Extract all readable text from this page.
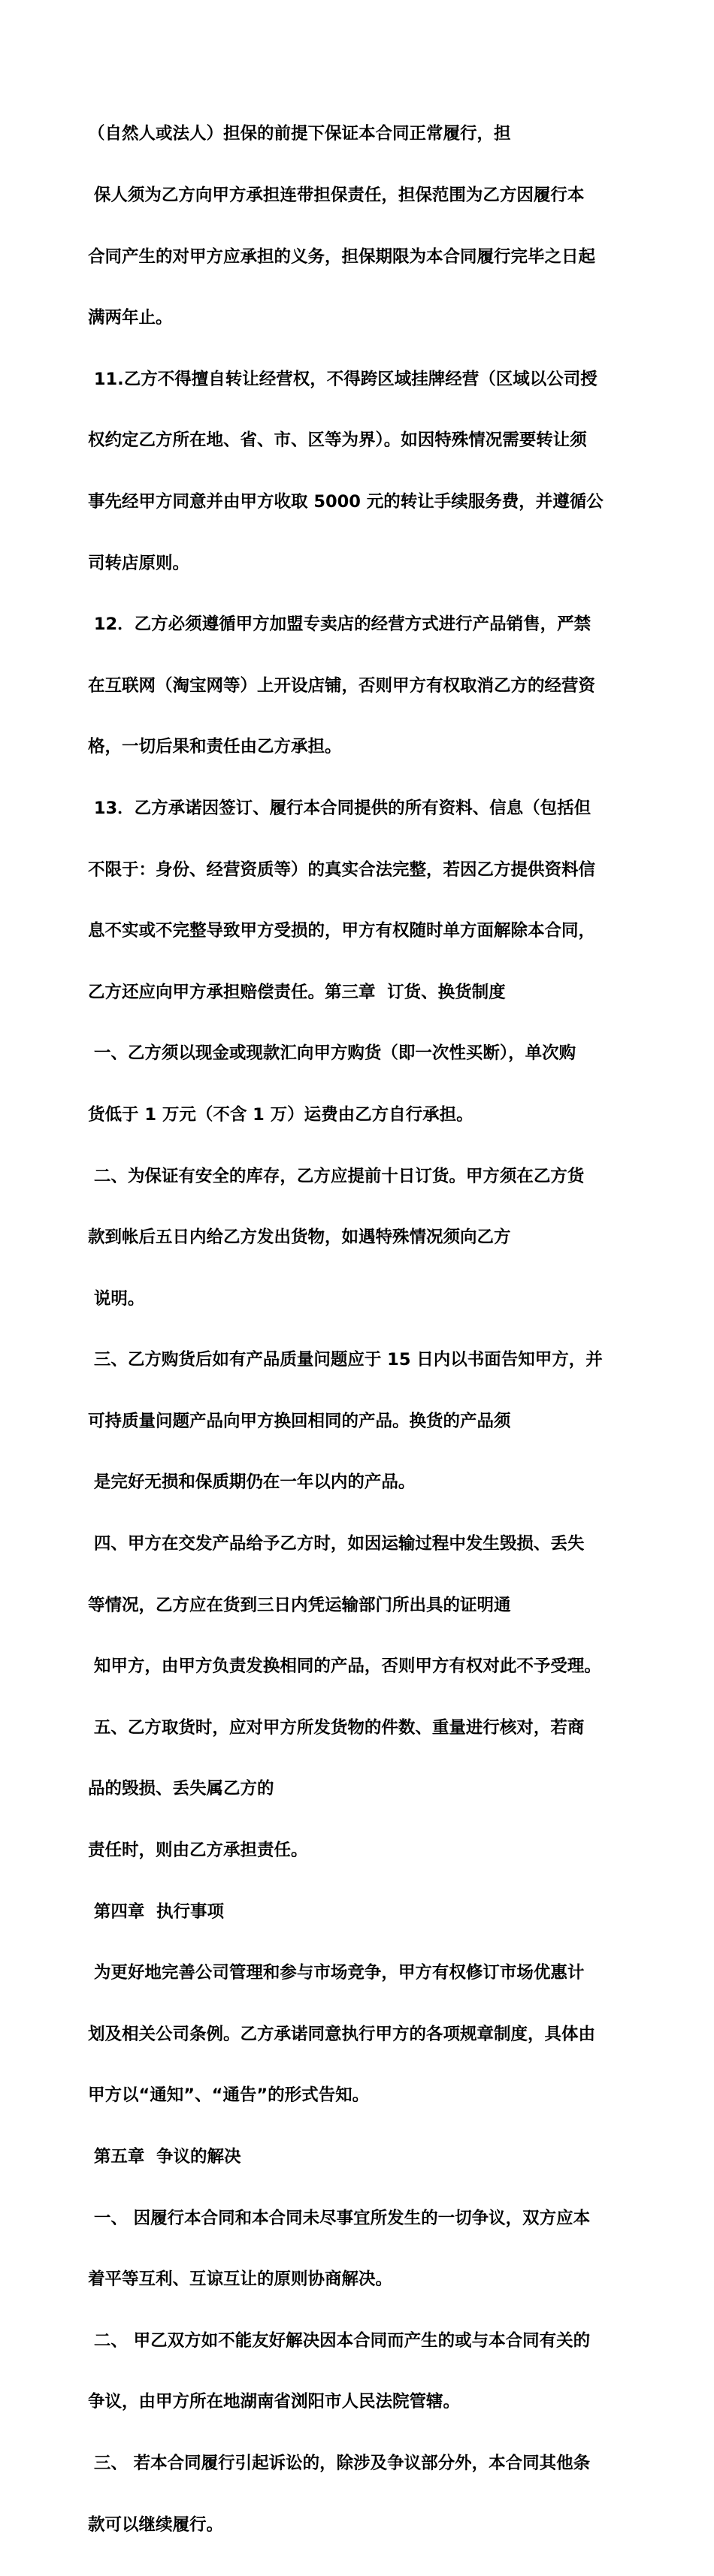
（自然人或法人）担保的前提下保证本合同正常履行，担

保人须为乙方向甲方承担连带担保责任，担保范围为乙方因履行本

合同产生的对甲方应承担的义务，担保期限为本合同履行完毕之日起

满两年止。

11.乙方不得擅自转让经营权，不得跨区域挂牌经营（区域以公司授

权约定乙方所在地、省、市、区等为界）。如因特殊情况需要转让须

事先经甲方同意并由甲方收取 5000 元的转让手续服务费，并遵循公

司转店原则。

12．乙方必须遵循甲方加盟专卖店的经营方式进行产品销售，严禁

在互联网（淘宝网等）上开设店铺，否则甲方有权取消乙方的经营资

格，一切后果和责任由乙方承担。

13．乙方承诺因签订、履行本合同提供的所有资料、信息（包括但

不限于：身份、经营资质等）的真实合法完整，若因乙方提供资料信

息不实或不完整导致甲方受损的，甲方有权随时单方面解除本合同，

乙方还应向甲方承担赔偿责任。第三章  订货、换货制度

一、乙方须以现金或现款汇向甲方购货（即一次性买断），单次购

货低于 1 万元（不含 1 万）运费由乙方自行承担。

二、为保证有安全的库存，乙方应提前十日订货。甲方须在乙方货

款到帐后五日内给乙方发出货物，如遇特殊情况须向乙方

说明。

三、乙方购货后如有产品质量问题应于 15 日内以书面告知甲方，并

可持质量问题产品向甲方换回相同的产品。换货的产品须

是完好无损和保质期仍在一年以内的产品。

四、甲方在交发产品给予乙方时，如因运输过程中发生毁损、丢失

等情况，乙方应在货到三日内凭运输部门所出具的证明通

知甲方，由甲方负责发换相同的产品，否则甲方有权对此不予受理。

五、乙方取货时，应对甲方所发货物的件数、重量进行核对，若商

品的毁损、丢失属乙方的

责任时，则由乙方承担责任。

第四章  执行事项

为更好地完善公司管理和参与市场竞争，甲方有权修订市场优惠计

划及相关公司条例。乙方承诺同意执行甲方的各项规章制度，具体由

甲方以“通知”、“通告”的形式告知。

第五章  争议的解决

一、 因履行本合同和本合同未尽事宜所发生的一切争议，双方应本

着平等互利、互谅互让的原则协商解决。

二、 甲乙双方如不能友好解决因本合同而产生的或与本合同有关的

争议，由甲方所在地湖南省浏阳市人民法院管辖。

三、 若本合同履行引起诉讼的，除涉及争议部分外，本合同其他条

款可以继续履行。
